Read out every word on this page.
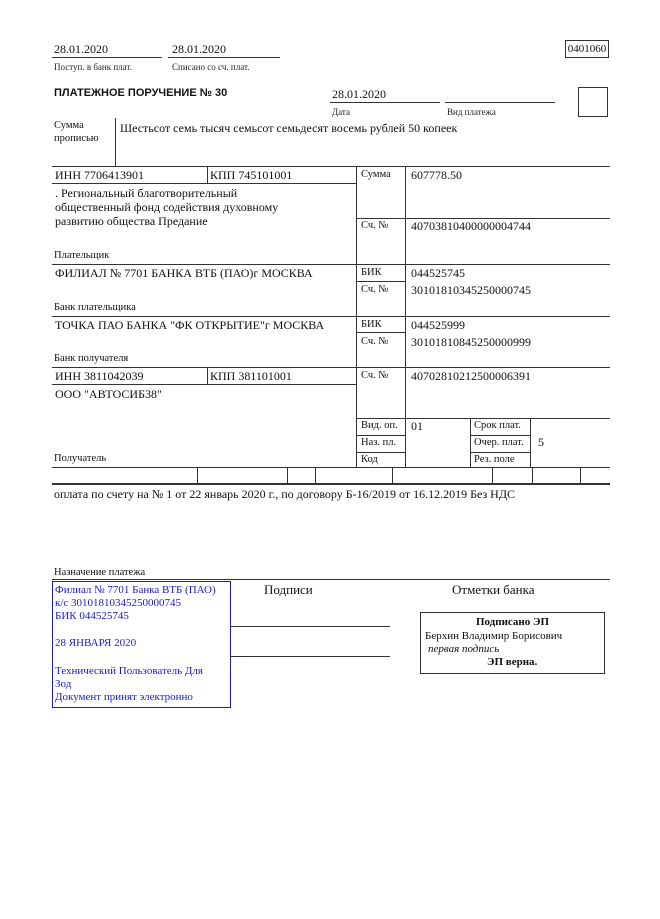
28.01.2020
Поступ. в банк плат.
28.01.2020
Списано со сч. плат.
0401060
ПЛАТЕЖНОЕ ПОРУЧЕНИЕ № 30	28.01.2020
Дата	Вид платежа
Сумма
прописью
Шестьсот семь тысяч семьсот семьдесят восемь рублей 50 копеек
ИНН 7706413901	КПП 745101001
. Региональный благотворительный
общественный фонд содействия духовному
развитию общества Предание
Плательщик
Сумма 607778.50
Сч. № 40703810400000004744
ФИЛИАЛ № 7701 БАНКА ВТБ (ПАО)г МОСКВА
Банк плательщика
БИК 044525745
Сч. № 30101810345250000745
ТОЧКА ПАО БАНКА "ФК ОТКРЫТИЕ"г МОСКВА
Банк получателя
БИК 044525999
Сч. № 30101810845250000999
ИНН 3811042039	КПП 381101001
ООО "АВТОСИБ38"
Получатель
Сч. № 40702810212500006391
Вид. оп. 01
Наз. пл.
Код
Срок плат.
Очер. плат. 5
Рез. поле
оплата по счету на № 1 от 22 январь 2020 г., по договору Б-16/2019 от 16.12.2019 Без НДС
Назначение платежа
Филиал № 7701 Банка ВТБ (ПАО)
к/с 30101810345250000745
БИК 044525745
28 ЯНВАРЯ 2020
Технический Пользователь Для
Зод
Документ принят электронно
Подписи	Отметки банка
Подписано ЭП
Берхин Владимир Борисович
первая подпись
ЭП верна.
